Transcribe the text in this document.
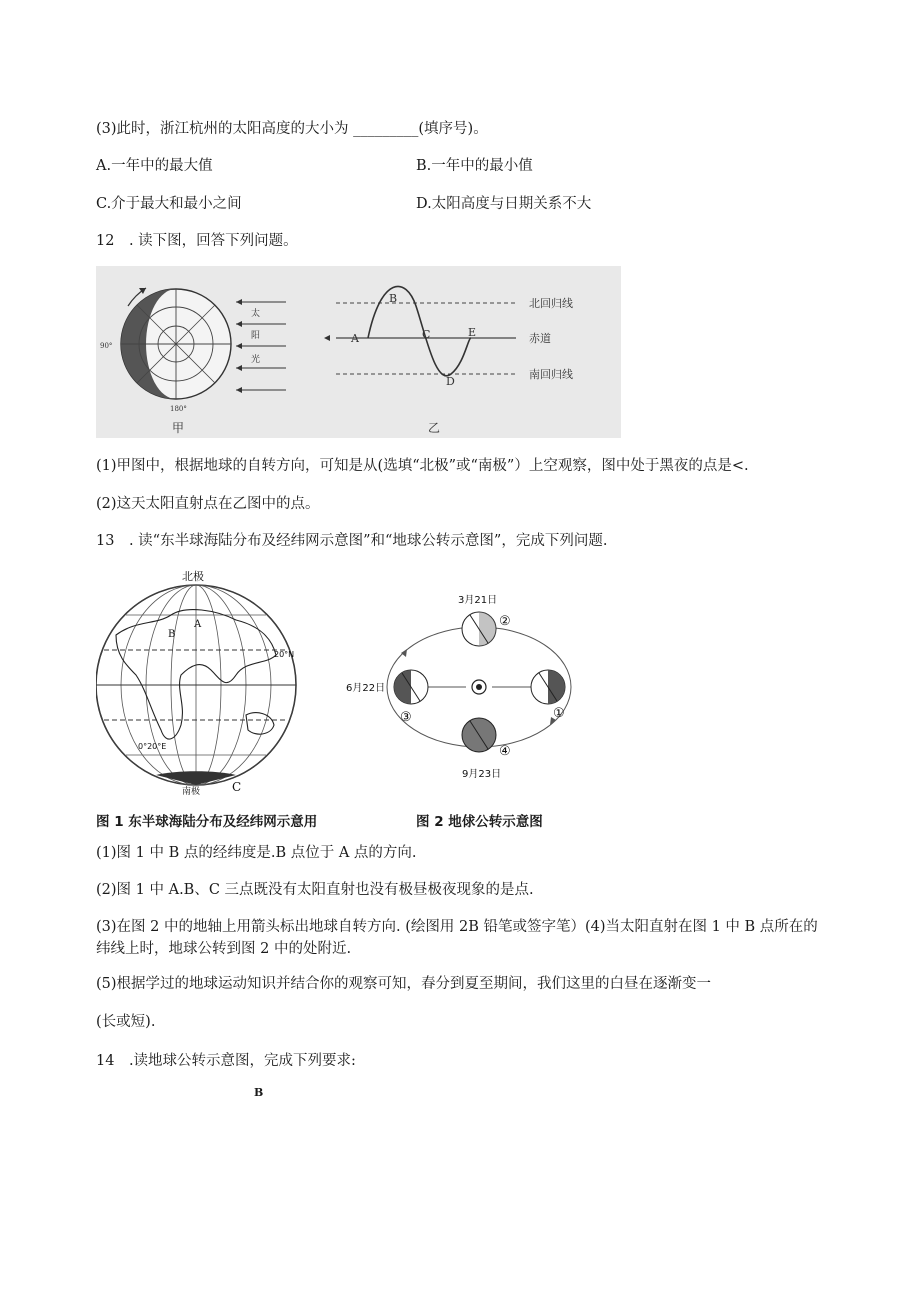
(3)此时，浙江杭州的太阳高度的大小为 _________(填序号)。
A.一年中的最大值	B.一年中的最小值
C.介于最大和最小之间	D.太阳高度与日期关系不大
12　. 读下图，回答下列问题。
90°
180°
太
阳
光
甲
A
B
C
D
E
北回归线
赤道
南回归线
乙
(1)甲图中，根据地球的自转方向，可知是从(选填“北极”或“南极”）上空观察，图中处于黑夜的点是<.
(2)这天太阳直射点在乙图中的点。
13　. 读“东半球海陆分布及经纬网示意图”和“地球公转示意图”，完成下列问题.
北极
20°N
0°20°E
A
B
C
南极
3月21日
6月22日
9月23日
①
②
③
④
图 1 东半球海陆分布及经纬网示意用	图 2 地俅公转示意图
(1)图 1 中 B 点的经纬度是.B 点位于 A 点的方向.
(2)图 1 中 A.B、C 三点既没有太阳直射也没有极昼极夜现象的是点.
(3)在图 2 中的地轴上用箭头标出地球自转方向. (绘图用 2B 铅笔或签字笔）(4)当太阳直射在图 1 中 B 点所在的
纬线上时，地球公转到图 2 中的处附近.
(5)根据学过的地球运动知识并结合你的观察可知，春分到夏至期间，我们这里的白昼在逐渐变一
(长或短).
14　.读地球公转示意图，完成下列要求:
B
